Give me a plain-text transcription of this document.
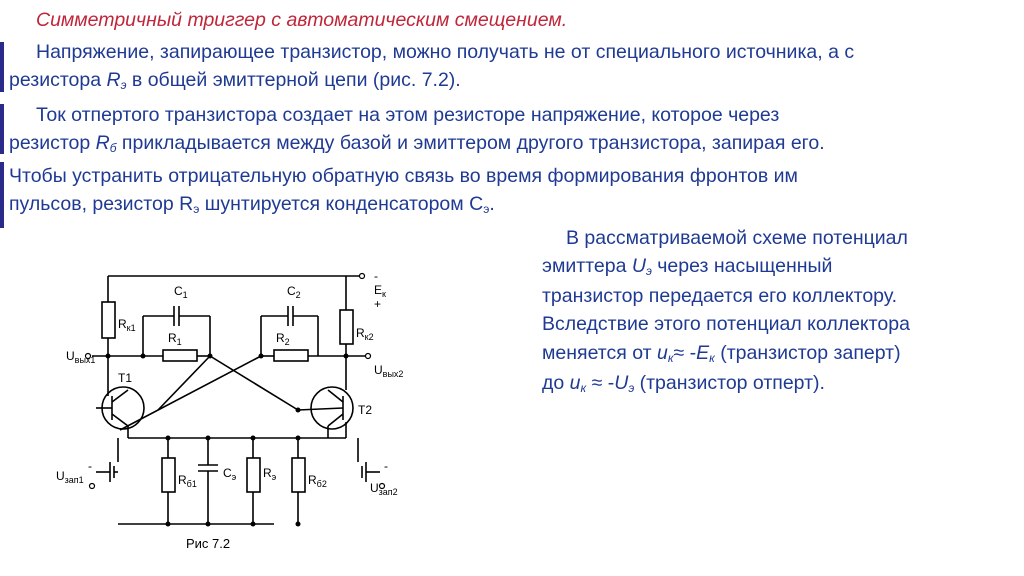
Симметричный триггер с автоматическим смещением.
Напряжение, запирающее транзистор, можно получать не от специального источника, а с
резистора $R_э$ в общей эмиттерной цепи (рис. 7.2).
Ток отпертого транзистора создает на этом резисторе напряжение, которое через
резистор $R_б$ прикладывается между базой и эмиттером другого транзистора, запирая его.
Чтобы устранить отрицательную обратную связь во время формирования фронтов им
пульсов, резистор $R_э$ шунтируется конденсатором $С_э$.
В рассматриваемой схеме потенциал
эмиттера $U_э$ через насыщенный
транзистор передается его коллектору.
Вследствие этого потенциал коллектора
меняется от $u_к\approx -E_к$ (транзистор заперт)
до $u_к \approx -U_э$ (транзистор отперт).
$С_1$	$С_2$
$R_1$	$R_2$
$R_{к1}$	$R_{к2}$
-
$Е_к$
+
$U_{вых1}$
$U_{вых2}$
Т1
Т2
$R_{б1}$
$С_э$ $R_э$	$R_{б2}$
$U_{зап1}$
$U_{зап2}$
-	-
Рис 7.2
